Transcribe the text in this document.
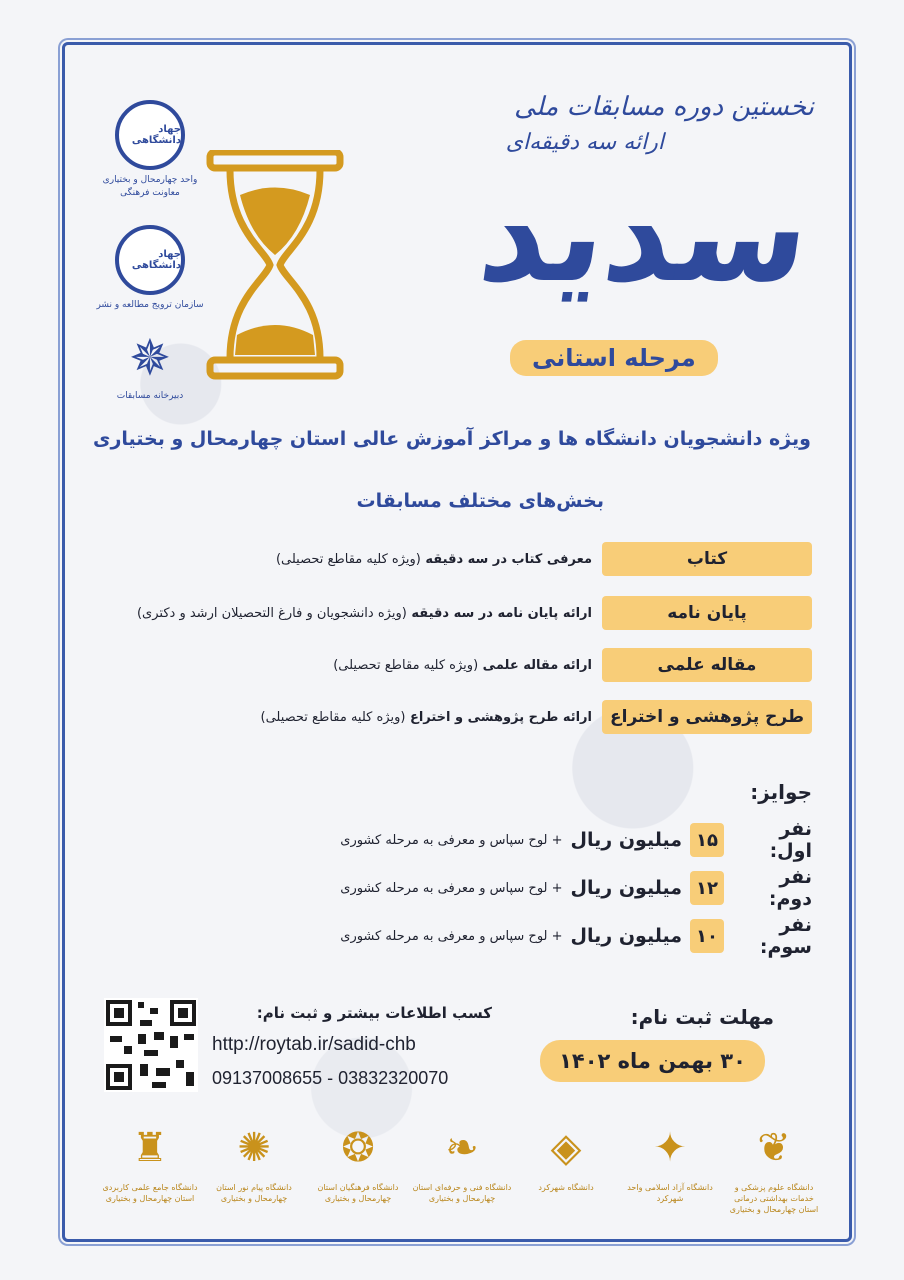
جهاد دانشگاهی
واحد چهارمحال و بختیاری معاونت فرهنگی
جهاد دانشگاهی
سازمان ترویج مطالعه و نشر
✵
دبیرخانه مسابقات
نخستین دوره مسابقات ملی
ارائه سه دقیقه‌ای
سدید
مرحله استانی
ویژه دانشجویان دانشگاه ها و مراکز آموزش عالی استان چهارمحال و بختیاری
بخش‌های مختلف مسابقات
کتاب
معرفی کتاب در سه دقیقه (ویژه کلیه مقاطع تحصیلی)
پایان نامه
ارائه پایان نامه در سه دقیقه (ویژه دانشجویان و فارغ التحصیلان ارشد و دکتری)
مقاله علمی
ارائه مقاله علمی (ویژه کلیه مقاطع تحصیلی)
طرح پژوهشی و اختراع
ارائه طرح پژوهشی و اختراع (ویژه کلیه مقاطع تحصیلی)
جوایز:
نفر اول:
۱۵
میلیون ریال
+ لوح سپاس و معرفی به مرحله کشوری
نفر دوم:
۱۲
میلیون ریال
+ لوح سپاس و معرفی به مرحله کشوری
نفر سوم:
۱۰
میلیون ریال
+ لوح سپاس و معرفی به مرحله کشوری
مهلت ثبت نام:
۳۰ بهمن ماه ۱۴۰۲
کسب اطلاعات بیشتر و ثبت نام:
http://roytab.ir/sadid-chb
09137008655 - 03832320070
❦
دانشگاه علوم پزشکی و خدمات بهداشتی درمانی استان چهارمحال و بختیاری
✦
دانشگاه آزاد اسلامی واحد شهرکرد
◈
دانشگاه شهرکرد
❧
دانشگاه فنی و حرفه‌ای استان چهارمحال و بختیاری
❂
دانشگاه فرهنگیان استان چهارمحال و بختیاری
✺
دانشگاه پیام نور استان چهارمحال و بختیاری
♜
دانشگاه جامع علمی کاربردی استان چهارمحال و بختیاری
